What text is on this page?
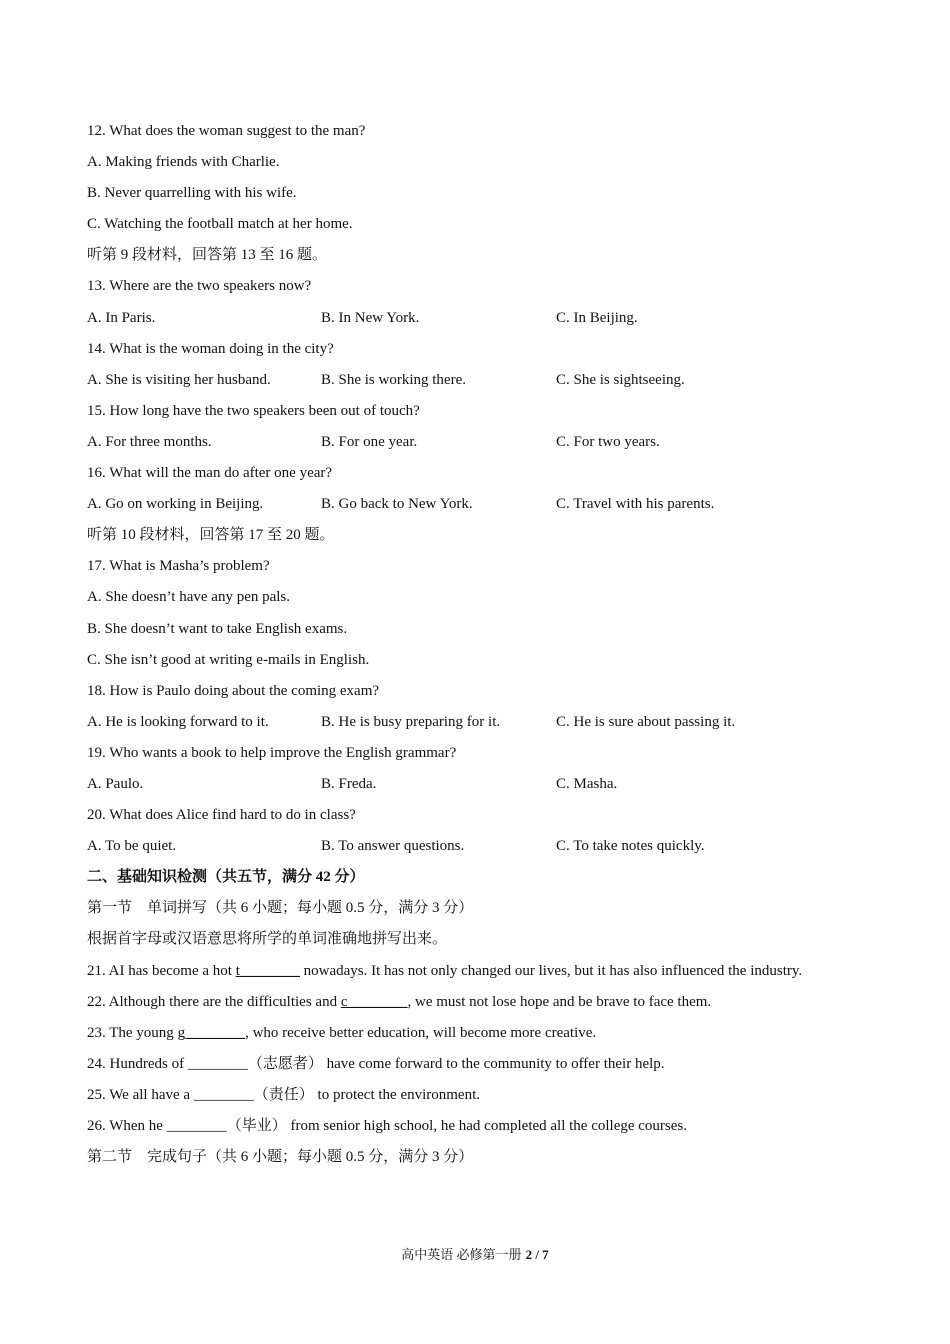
12. What does the woman suggest to the man?
A. Making friends with Charlie.
B. Never quarrelling with his wife.
C. Watching the football match at her home.
听第 9 段材料，回答第 13 至 16 题。
13. Where are the two speakers now?
A. In Paris.	B. In New York.	C. In Beijing.
14. What is the woman doing in the city?
A. She is visiting her husband.	B. She is working there.	C. She is sightseeing.
15. How long have the two speakers been out of touch?
A. For three months.	B. For one year.	C. For two years.
16. What will the man do after one year?
A. Go on working in Beijing.	B. Go back to New York.	C. Travel with his parents.
听第 10 段材料，回答第 17 至 20 题。
17. What is Masha’s problem?
A. She doesn’t have any pen pals.
B. She doesn’t want to take English exams.
C. She isn’t good at writing e-mails in English.
18. How is Paulo doing about the coming exam?
A. He is looking forward to it.	B. He is busy preparing for it.	C. He is sure about passing it.
19. Who wants a book to help improve the English grammar?
A. Paulo.	B. Freda.	C. Masha.
20. What does Alice find hard to do in class?
A. To be quiet.	B. To answer questions.	C. To take notes quickly.
二、基础知识检测（共五节，满分 42 分）
第一节　单词拼写（共 6 小题；每小题 0.5 分，满分 3 分）
根据首字母或汉语意思将所学的单词准确地拼写出来。
21. AI has become a hot t________ nowadays. It has not only changed our lives, but it has also influenced the industry.
22. Although there are the difficulties and c________, we must not lose hope and be brave to face them.
23. The young g________, who receive better education, will become more creative.
24. Hundreds of ________（志愿者） have come forward to the community to offer their help.
25. We all have a ________（责任） to protect the environment.
26. When he ________（毕业） from senior high school, he had completed all the college courses.
第二节　完成句子（共 6 小题；每小题 0.5 分，满分 3 分）
高中英语 必修第一册 2 / 7
